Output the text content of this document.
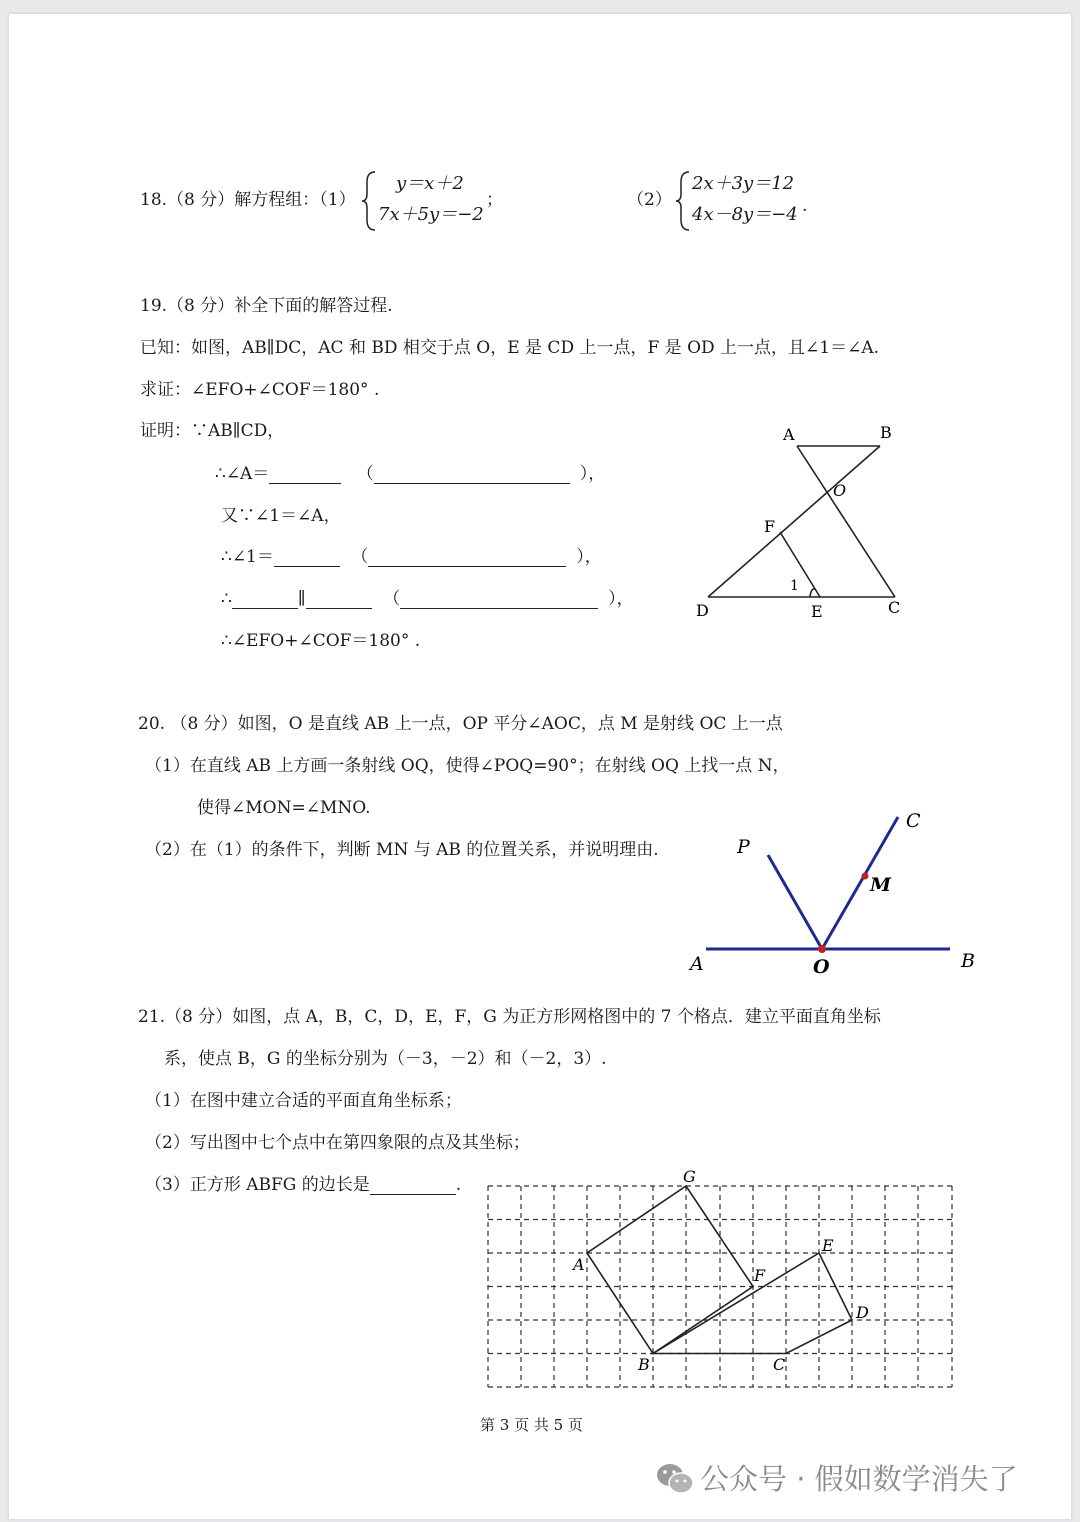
18.（8 分）解方程组：（1）
y＝x＋2
7x＋5y＝−2
；	（2）
2x＋3y＝12
4x－8y＝−4 .
19.（8 分）补全下面的解答过程.
已知：如图，AB∥DC，AC 和 BD 相交于点 O，E 是 CD 上一点，F 是 OD 上一点，且∠1＝∠A.
求证：∠EFO+∠COF＝180° .
证明：∵AB∥CD，
∴∠A＝	（	），
又∵∠1＝∠A，
∴∠1＝	（	），
∴	∥	（	），
∴∠EFO+∠COF＝180° .
A	B
O
F
1
D	E	C
20. （8 分）如图，O 是直线 AB 上一点，OP 平分∠AOC，点 M 是射线 OC 上一点
（1）在直线 AB 上方画一条射线 OQ，使得∠POQ=90°；在射线 OQ 上找一点 N，
使得∠MON=∠MNO.
（2）在（1）的条件下，判断 MN 与 AB 的位置关系，并说明理由.	P
C
M
A	O	B
21.（8 分）如图，点 A，B，C，D，E，F，G 为正方形网格图中的 7 个格点．建立平面直角坐标
系，使点 B，G 的坐标分别为（－3，－2）和（－2，3）.
（1）在图中建立合适的平面直角坐标系；
（2）写出图中七个点中在第四象限的点及其坐标；
（3）正方形 ABFG 的边长是	.	G
A
F
E
D
B	C
第 3 页 共 5 页
公众号 · 假如数学消失了
